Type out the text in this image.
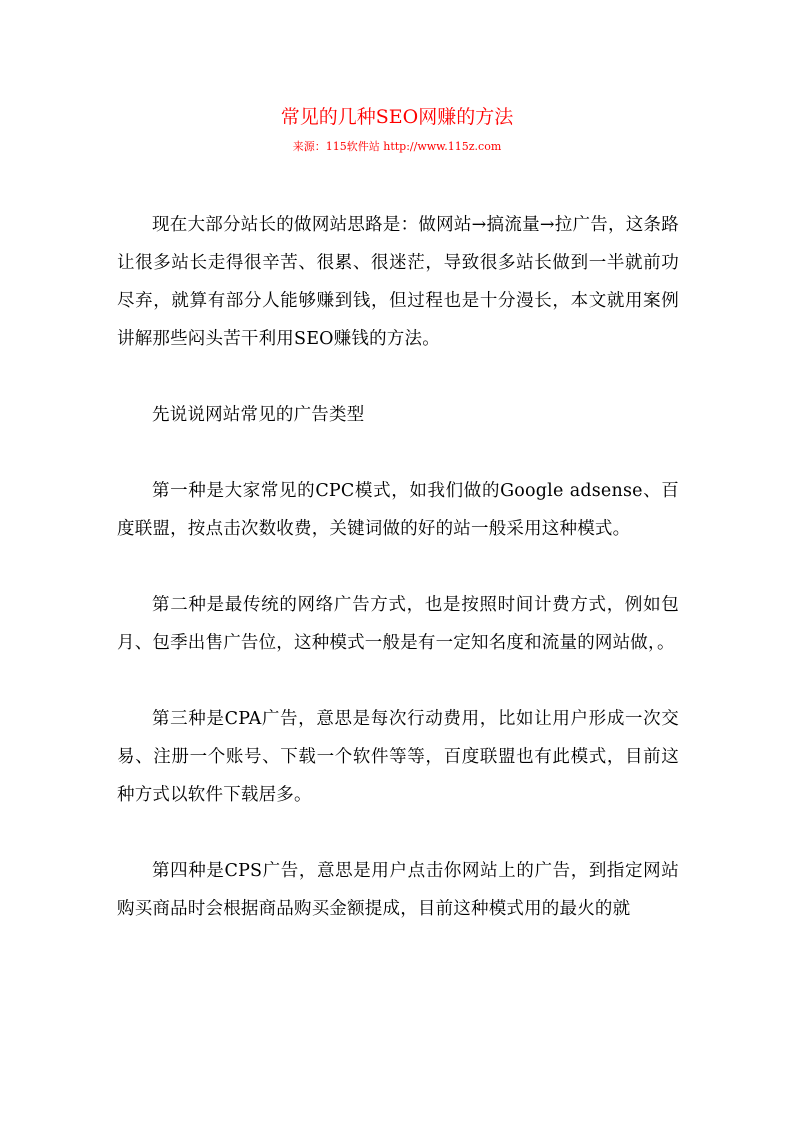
常见的几种SEO网赚的方法
来源：115软件站 http://www.115z.com

现在大部分站长的做网站思路是：做网站→搞流量→拉广告，这条路让很多站长走得很辛苦、很累、很迷茫，导致很多站长做到一半就前功尽弃，就算有部分人能够赚到钱，但过程也是十分漫长，本文就用案例讲解那些闷头苦干利用SEO赚钱的方法。

先说说网站常见的广告类型

第一种是大家常见的CPC模式，如我们做的Google adsense、百度联盟，按点击次数收费，关键词做的好的站一般采用这种模式。

第二种是最传统的网络广告方式，也是按照时间计费方式，例如包月、包季出售广告位，这种模式一般是有一定知名度和流量的网站做，。

第三种是CPA广告，意思是每次行动费用，比如让用户形成一次交易、注册一个账号、下载一个软件等等，百度联盟也有此模式，目前这种方式以软件下载居多。

第四种是CPS广告，意思是用户点击你网站上的广告，到指定网站购买商品时会根据商品购买金额提成，目前这种模式用的最火的就
